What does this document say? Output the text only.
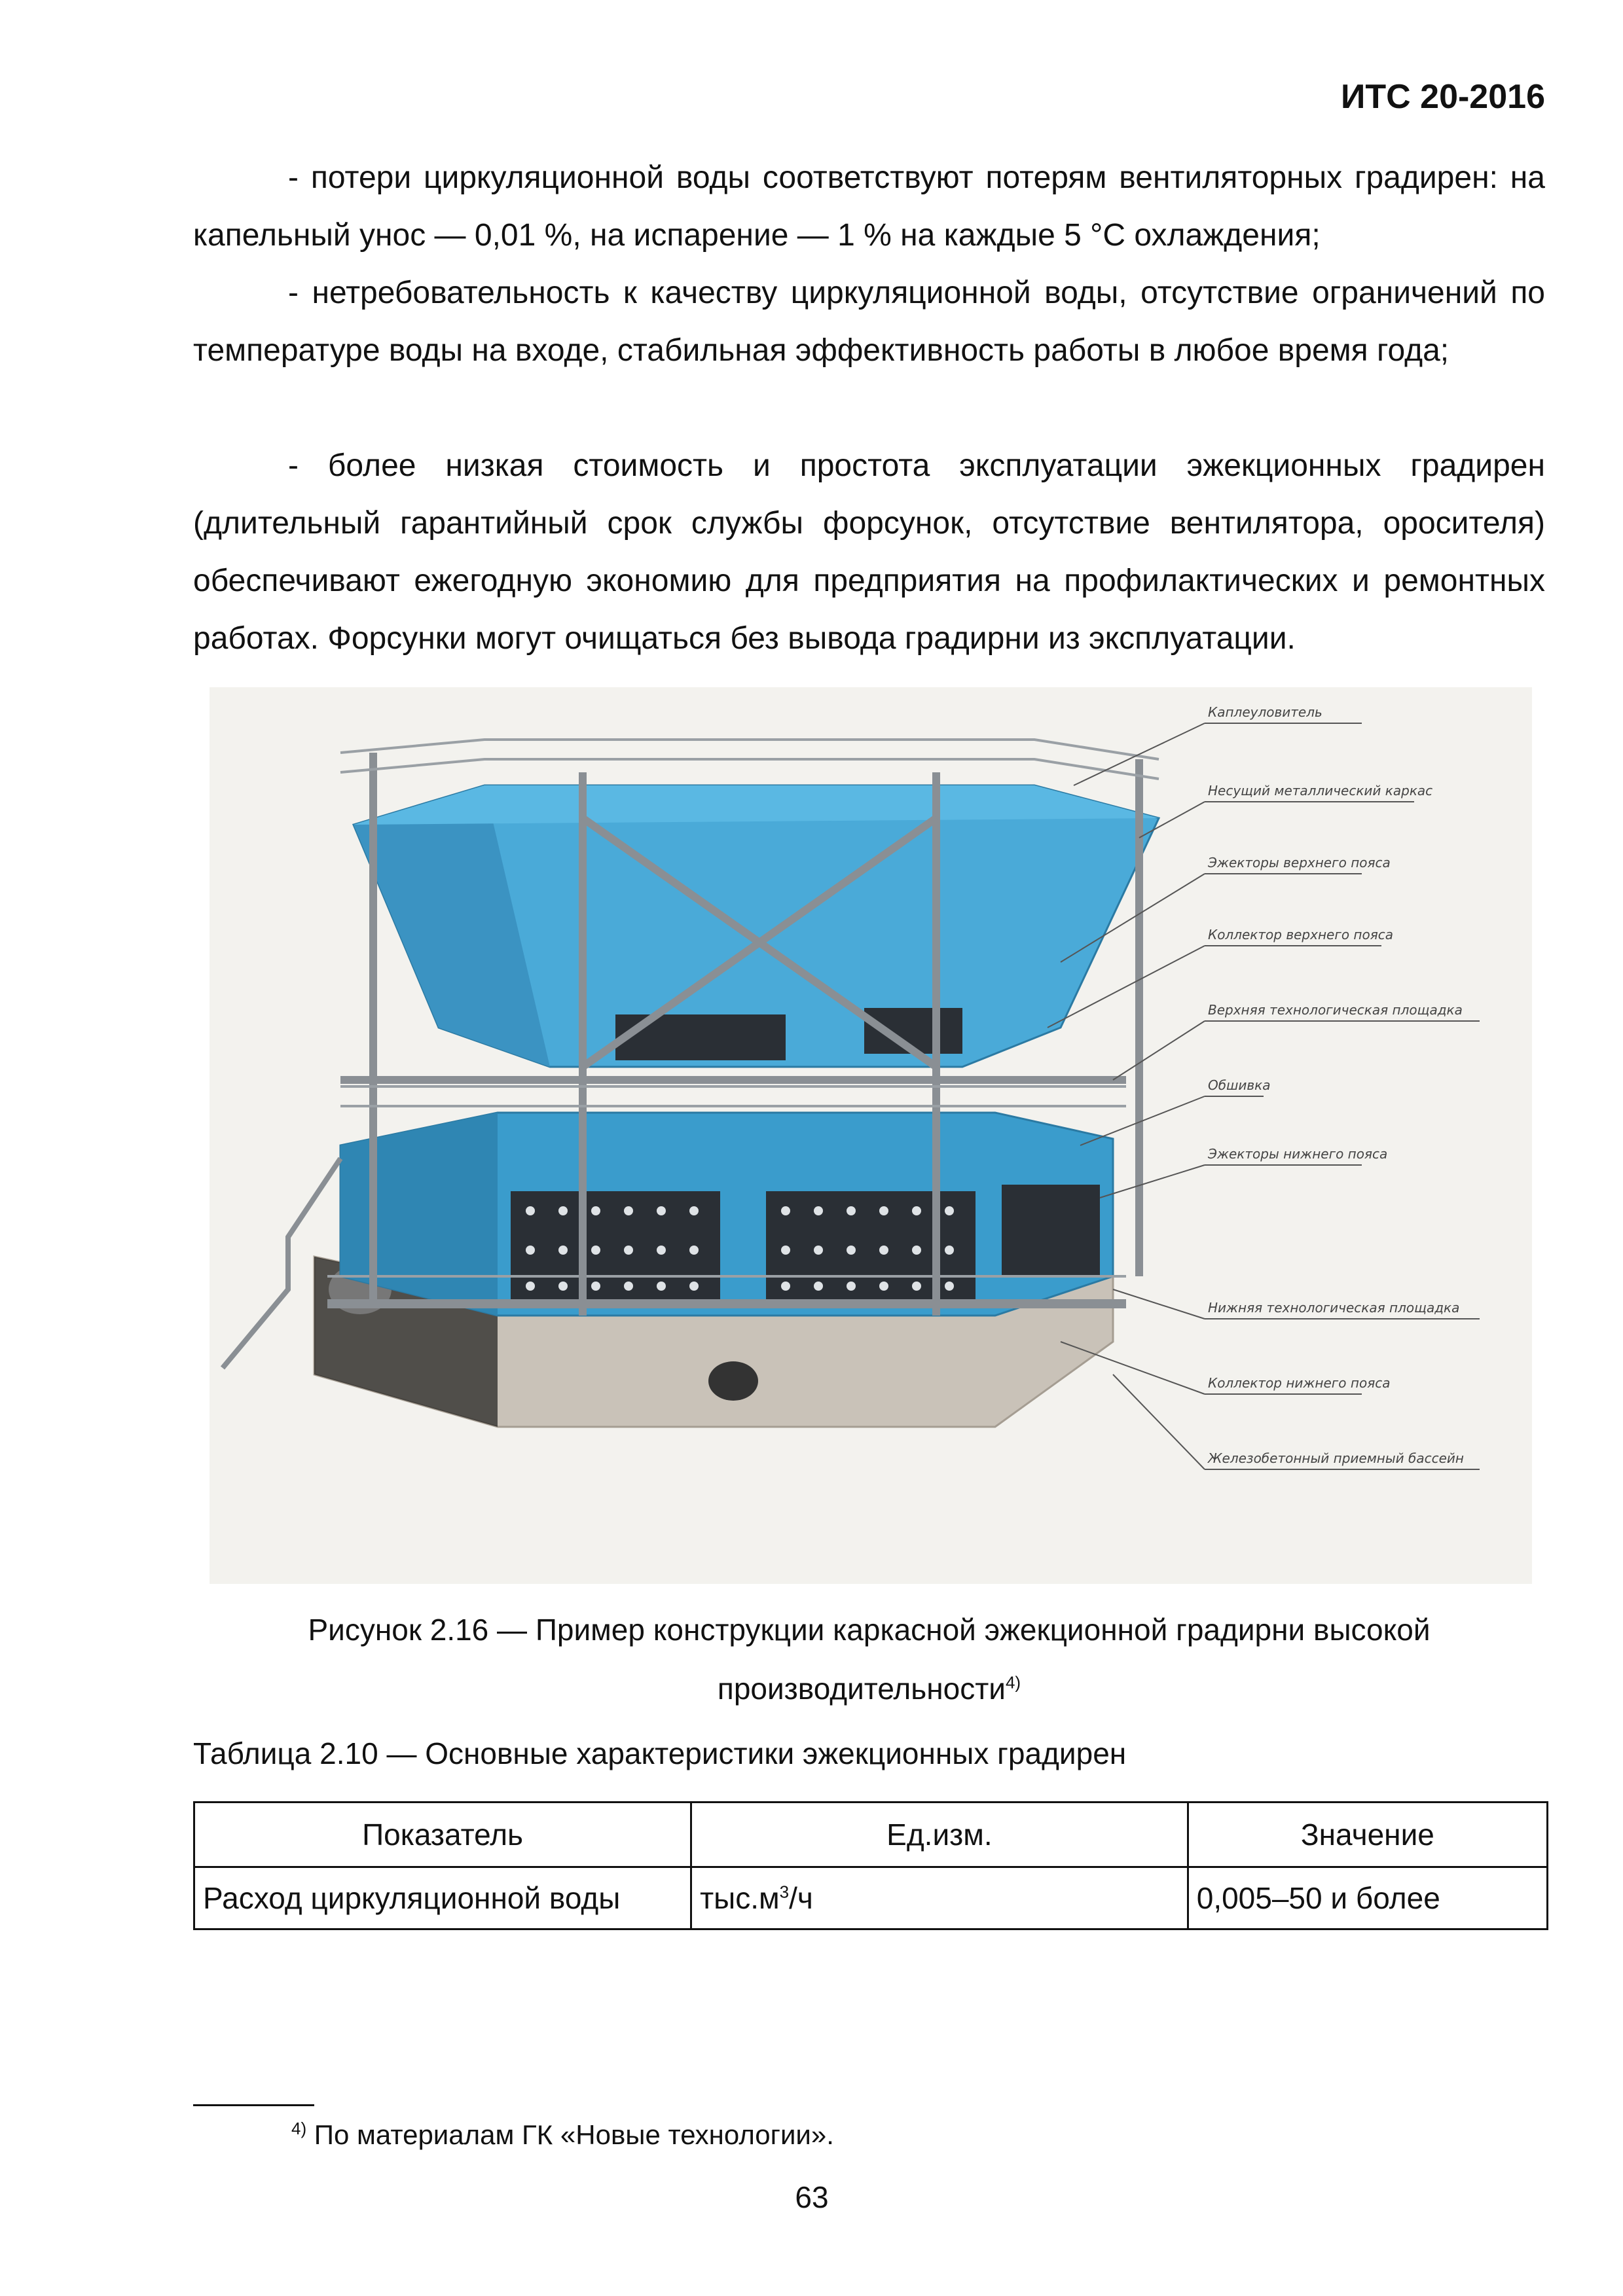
ИТС 20-2016

- потери циркуляционной воды соответствуют потерям вентиляторных градирен: на капельный унос — 0,01 %, на испарение — 1 % на каждые 5 °С охлаждения;

- нетребовательность к качеству циркуляционной воды, отсутствие ограничений по температуре воды на входе, стабильная эффективность работы в любое время года;

- более низкая стоимость и простота эксплуатации эжекционных градирен (длительный гарантийный срок службы форсунок, отсутствие вентилятора, оросителя) обеспечивают ежегодную экономию для предприятия на профилактических и ремонтных работах. Форсунки могут очищаться без вывода градирни из эксплуатации.

Каплеуловитель
Несущий металлический каркас
Эжекторы верхнего пояса
Коллектор верхнего пояса
Верхняя технологическая площадка
Обшивка
Эжекторы нижнего пояса
Нижняя технологическая площадка
Коллектор нижнего пояса
Железобетонный приемный бассейн

Рисунок 2.16 — Пример конструкции каркасной эжекционной градирни высокой
производительности$^{4)}$

Таблица 2.10 — Основные характеристики эжекционных градирен

Показатель	Ед.изм.	Значение
Расход циркуляционной воды	$тыс.м^3/ч$	0,005–50 и более

$^{4)}$ По материалам ГК «Новые технологии».

63
